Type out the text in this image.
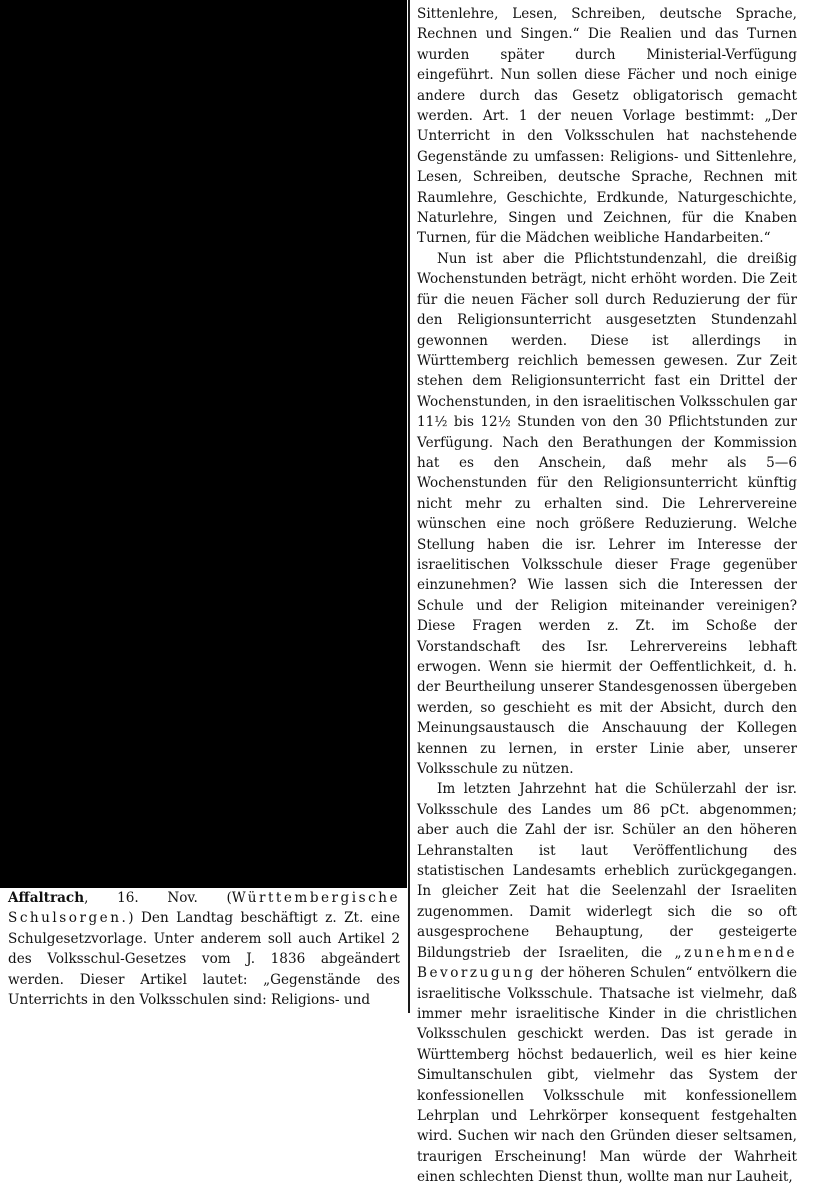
Affaltrach, 16. Nov. (Württembergische Schulsorgen.) Den Landtag beschäftigt z. Zt. eine Schulgesetzvorlage. Unter anderem soll auch Artikel 2 des Volksschul-Gesetzes vom J. 1836 abgeändert werden. Dieser Artikel lautet: „Gegenstände des Unterrichts in den Volksschulen sind: Religions- und

Sittenlehre, Lesen, Schreiben, deutsche Sprache, Rechnen und Singen.“ Die Realien und das Turnen wurden später durch Ministerial-Verfügung eingeführt. Nun sollen diese Fächer und noch einige andere durch das Gesetz obligatorisch gemacht werden. Art. 1 der neuen Vorlage bestimmt: „Der Unterricht in den Volksschulen hat nachstehende Gegenstände zu umfassen: Religions- und Sittenlehre, Lesen, Schreiben, deutsche Sprache, Rechnen mit Raumlehre, Geschichte, Erdkunde, Naturgeschichte, Naturlehre, Singen und Zeichnen, für die Knaben Turnen, für die Mädchen weibliche Handarbeiten.“

Nun ist aber die Pflichtstundenzahl, die dreißig Wochenstunden beträgt, nicht erhöht worden. Die Zeit für die neuen Fächer soll durch Reduzierung der für den Religionsunterricht ausgesetzten Stundenzahl gewonnen werden. Diese ist allerdings in Württemberg reichlich bemessen gewesen. Zur Zeit stehen dem Religionsunterricht fast ein Drittel der Wochenstunden, in den israelitischen Volksschulen gar 11½ bis 12½ Stunden von den 30 Pflichtstunden zur Verfügung. Nach den Berathungen der Kommission hat es den Anschein, daß mehr als 5—6 Wochenstunden für den Religionsunterricht künftig nicht mehr zu erhalten sind. Die Lehrervereine wünschen eine noch größere Reduzierung. Welche Stellung haben die isr. Lehrer im Interesse der israelitischen Volksschule dieser Frage gegenüber einzunehmen? Wie lassen sich die Interessen der Schule und der Religion miteinander vereinigen? Diese Fragen werden z. Zt. im Schoße der Vorstandschaft des Isr. Lehrervereins lebhaft erwogen. Wenn sie hiermit der Oeffentlichkeit, d. h. der Beurtheilung unserer Standesgenossen übergeben werden, so geschieht es mit der Absicht, durch den Meinungsaustausch die Anschauung der Kollegen kennen zu lernen, in erster Linie aber, unserer Volksschule zu nützen.

Im letzten Jahrzehnt hat die Schülerzahl der isr. Volksschule des Landes um 86 pCt. abgenommen; aber auch die Zahl der isr. Schüler an den höheren Lehranstalten ist laut Veröffentlichung des statistischen Landesamts erheblich zurückgegangen. In gleicher Zeit hat die Seelenzahl der Israeliten zugenommen. Damit widerlegt sich die so oft ausgesprochene Behauptung, der gesteigerte Bildungstrieb der Israeliten, die „zunehmende Bevorzugung der höheren Schulen“ entvölkern die israelitische Volksschule. Thatsache ist vielmehr, daß immer mehr israelitische Kinder in die christlichen Volksschulen geschickt werden. Das ist gerade in Württemberg höchst bedauerlich, weil es hier keine Simultanschulen gibt, vielmehr das System der konfessionellen Volksschule mit konfessionellem Lehrplan und Lehrkörper konsequent festgehalten wird. Suchen wir nach den Gründen dieser seltsamen, traurigen Erscheinung! Man würde der Wahrheit einen schlechten Dienst thun, wollte man nur Lauheit,
